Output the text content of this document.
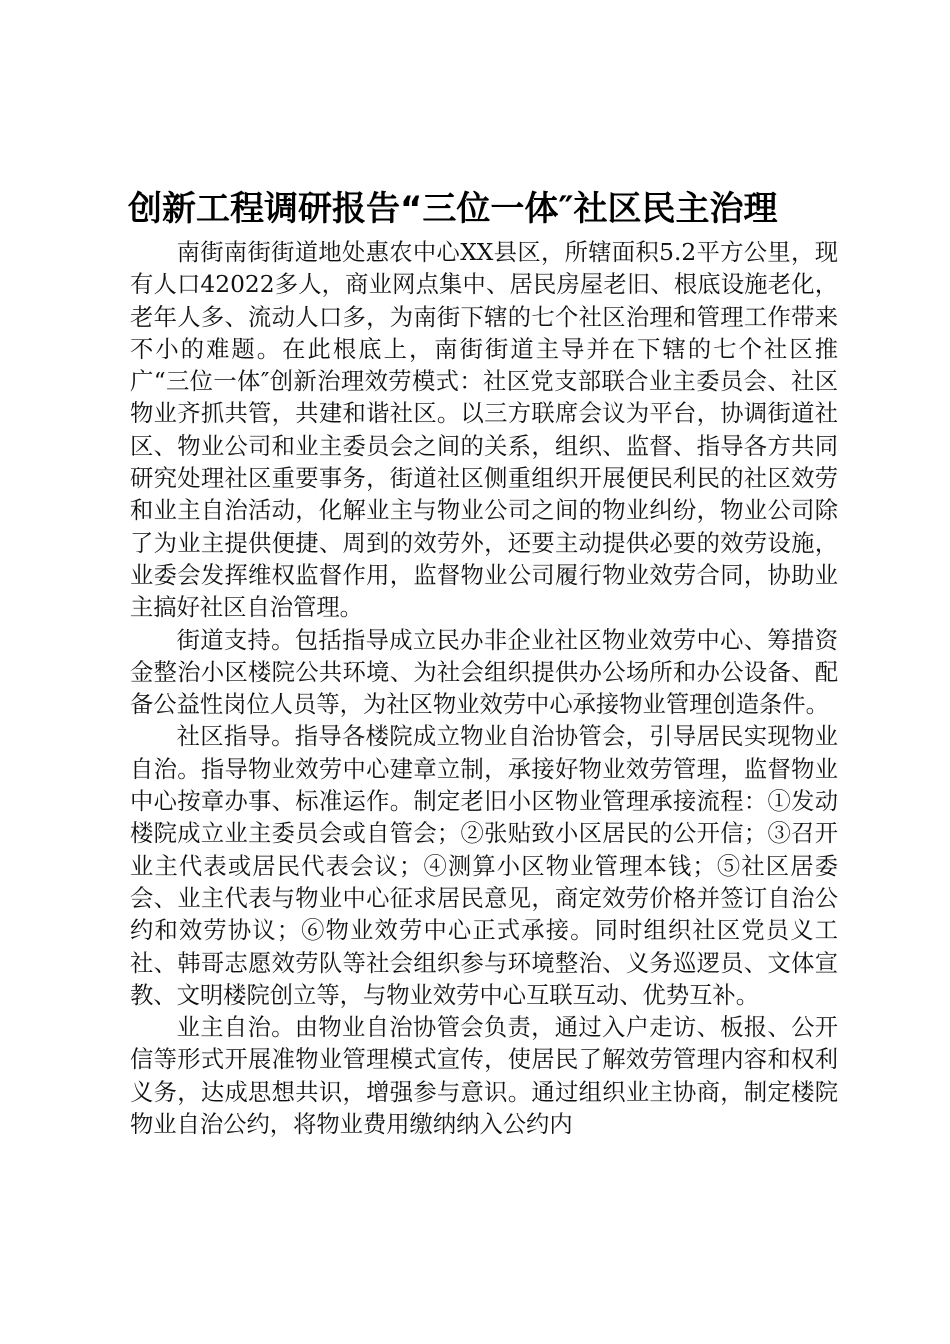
创新工程调研报告“三位一体″社区民主治理

南街南街街道地处惠农中心XX县区，所辖面积5.2平方公里，现有人口42022多人，商业网点集中、居民房屋老旧、根底设施老化，老年人多、流动人口多，为南街下辖的七个社区治理和管理工作带来不小的难题。在此根底上，南街街道主导并在下辖的七个社区推广“三位一体″创新治理效劳模式：社区党支部联合业主委员会、社区物业齐抓共管，共建和谐社区。以三方联席会议为平台，协调街道社区、物业公司和业主委员会之间的关系，组织、监督、指导各方共同研究处理社区重要事务，街道社区侧重组织开展便民利民的社区效劳和业主自治活动，化解业主与物业公司之间的物业纠纷，物业公司除了为业主提供便捷、周到的效劳外，还要主动提供必要的效劳设施，业委会发挥维权监督作用，监督物业公司履行物业效劳合同，协助业主搞好社区自治管理。

街道支持。包括指导成立民办非企业社区物业效劳中心、筹措资金整治小区楼院公共环境、为社会组织提供办公场所和办公设备、配备公益性岗位人员等，为社区物业效劳中心承接物业管理创造条件。

社区指导。指导各楼院成立物业自治协管会，引导居民实现物业自治。指导物业效劳中心建章立制，承接好物业效劳管理，监督物业中心按章办事、标准运作。制定老旧小区物业管理承接流程：①发动楼院成立业主委员会或自管会；②张贴致小区居民的公开信；③召开业主代表或居民代表会议；④测算小区物业管理本钱；⑤社区居委会、业主代表与物业中心征求居民意见，商定效劳价格并签订自治公约和效劳协议；⑥物业效劳中心正式承接。同时组织社区党员义工社、韩哥志愿效劳队等社会组织参与环境整治、义务巡逻员、文体宣教、文明楼院创立等，与物业效劳中心互联互动、优势互补。

业主自治。由物业自治协管会负责，通过入户走访、板报、公开信等形式开展准物业管理模式宣传，使居民了解效劳管理内容和权利义务，达成思想共识，增强参与意识。通过组织业主协商，制定楼院物业自治公约，将物业费用缴纳纳入公约内
